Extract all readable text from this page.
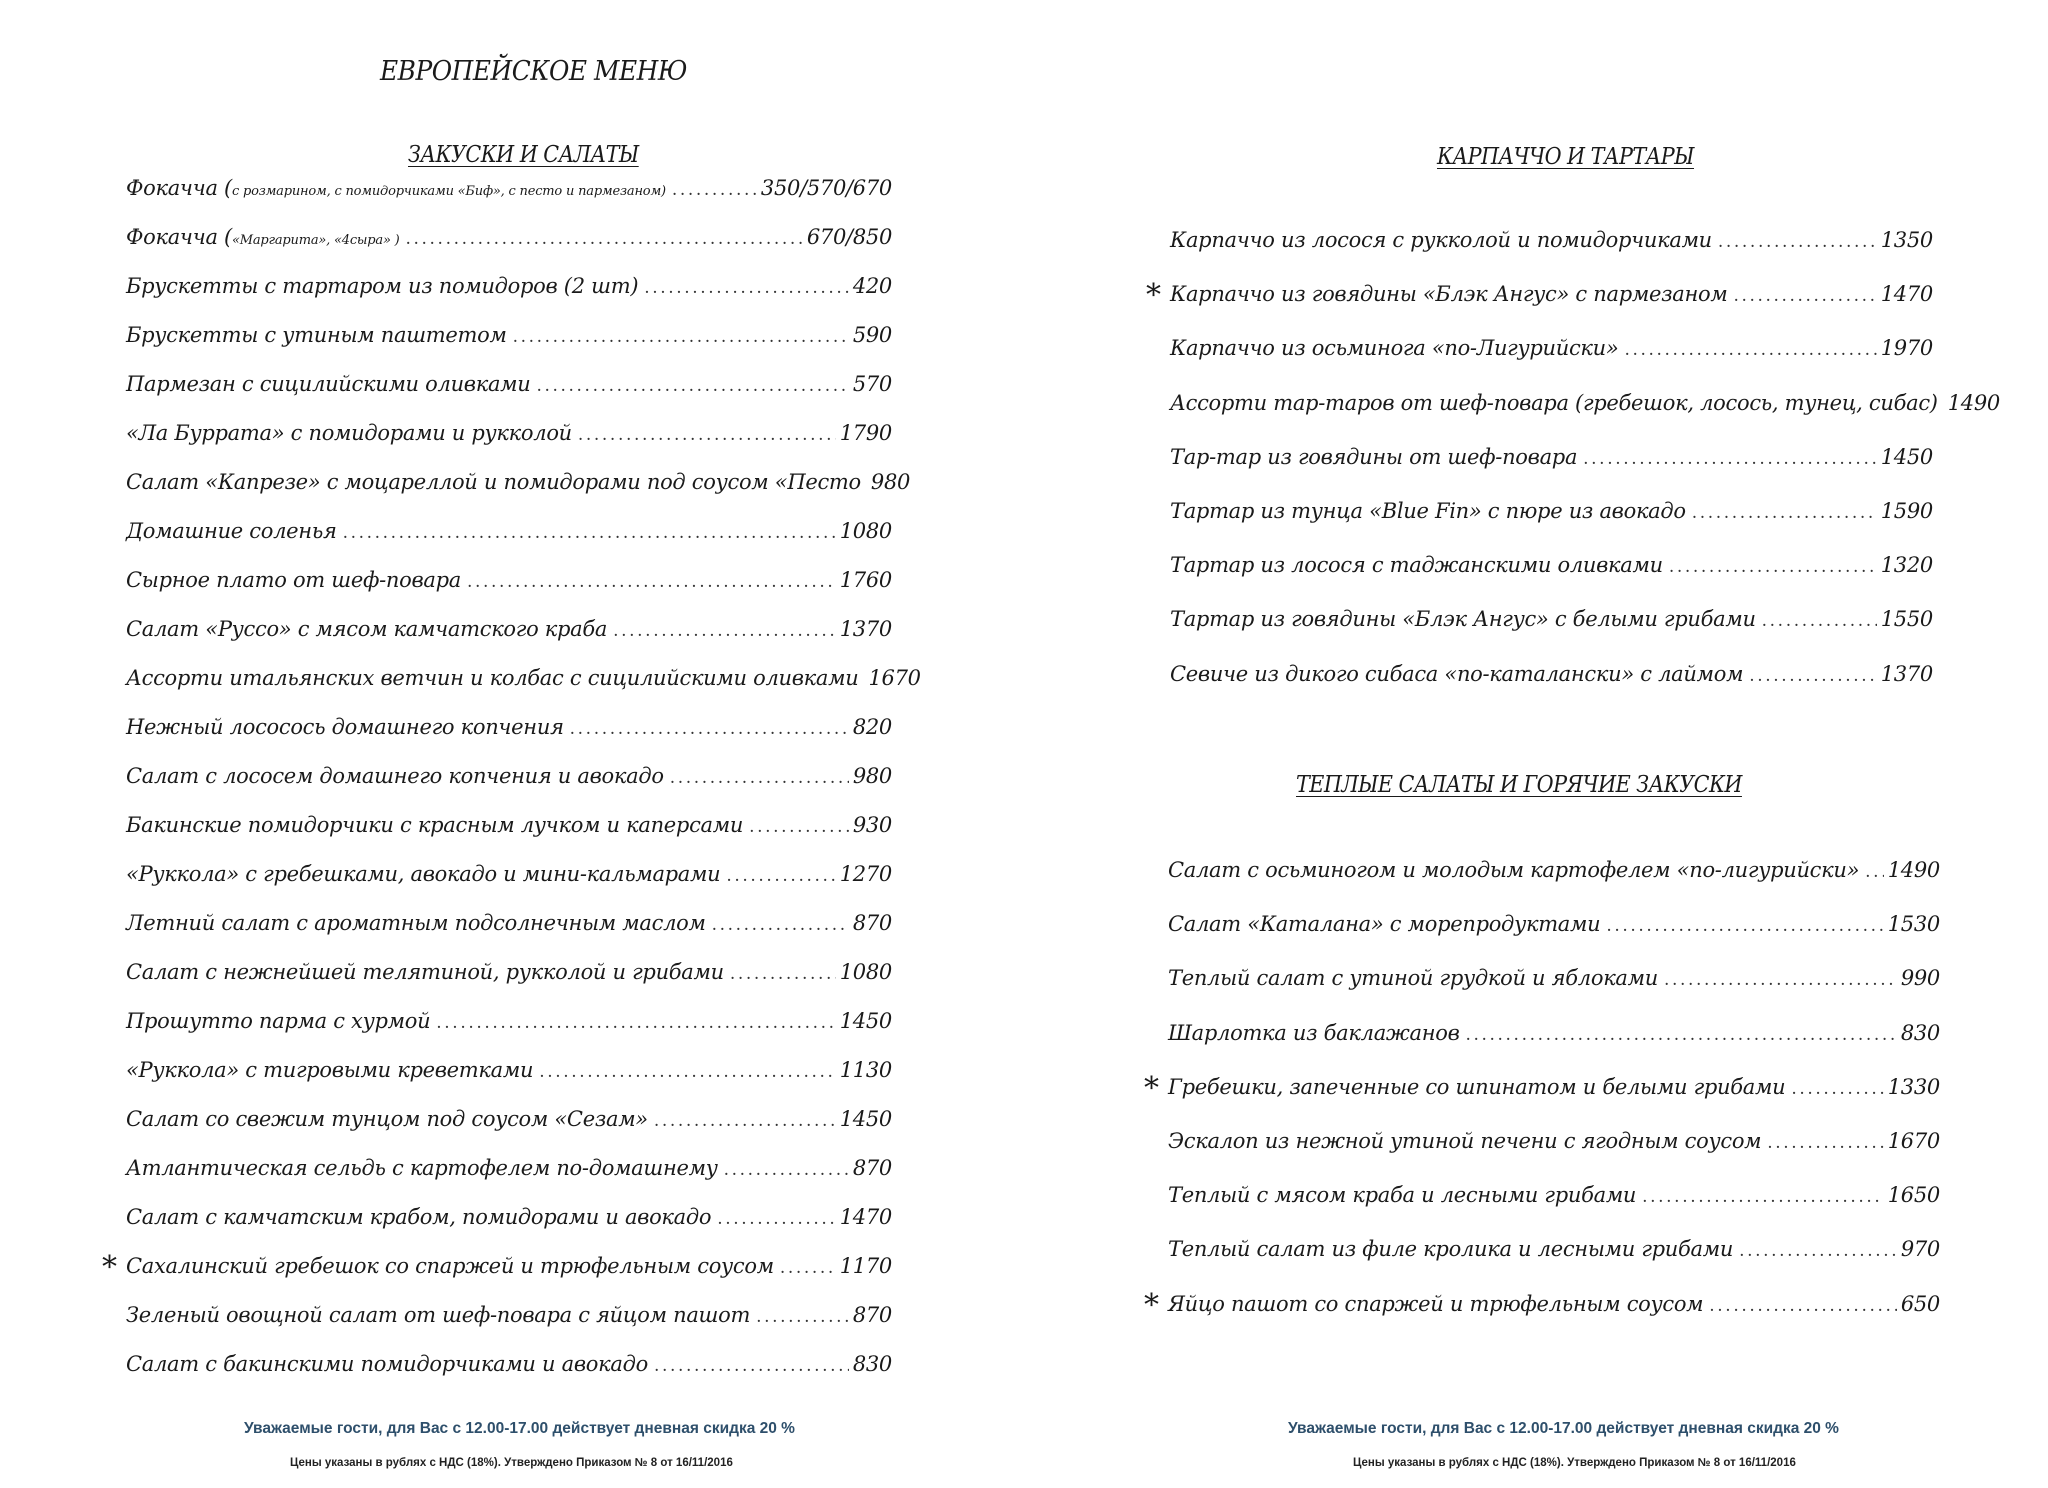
ЕВРОПЕЙСКОЕ МЕНЮ
ЗАКУСКИ И САЛАТЫ
Фокачча (с розмарином, с помидорчиками «Биф», с песто и пармезаном) . . .	350/570/670
Фокачча («Маргарита», «4сыра» ) . . .	670/850
Брускетты с тартаром из помидоров (2 шт) . . .	420
Брускетты с утиным паштетом . . .	590
Пармезан с сицилийскими оливками . . .	570
«Ла Буррата» с помидорами и рукколой . . .	1790
Салат «Капрезе» с моцареллой и помидорами под соусом «Песто 980
Домашние соленья . . .	1080
Сырное плато от шеф-повара . . .	1760
Салат «Руссо» с мясом камчатского краба . . .	1370
Ассорти итальянских ветчин и колбас с сицилийскими оливками 1670
Нежный лососось домашнего копчения . . .	820
Салат с лососем домашнего копчения и авокадо . . .	980
Бакинские помидорчики с красным лучком и каперсами . . .	930
«Руккола» с гребешками, авокадо и мини-кальмарами . . .	1270
Летний салат с ароматным подсолнечным маслом . . .	870
Салат с нежнейшей телятиной, рукколой и грибами . . .	1080
Прошутто парма с хурмой . . .	1450
«Руккола» с тигровыми креветками . . .	1130
Салат со свежим тунцом под соусом «Сезам» . . .	1450
Атлантическая сельдь с картофелем по-домашнему . . .	870
Салат с камчатским крабом, помидорами и авокадо . . .	1470
* Сахалинский гребешок со спаржей и трюфельным соусом . . .	1170
Зеленый овощной салат от шеф-повара с яйцом пашот . . .	870
Салат с бакинскими помидорчиками и авокадо . . .	830
Уважаемые гости, для Вас с 12.00-17.00 действует дневная скидка 20 %
Цены указаны в рублях с НДС (18%). Утверждено Приказом № 8 от 16/11/2016
КАРПАЧЧО И ТАРТАРЫ
ТЕПЛЫЕ САЛАТЫ И ГОРЯЧИЕ ЗАКУСКИ
Уважаемые гости, для Вас с 12.00-17.00 действует дневная скидка 20 %
Цены указаны в рублях с НДС (18%). Утверждено Приказом № 8 от 16/11/2016
Карпаччо из лосося с рукколой и помидорчиками . . .	1350
* Карпаччо из говядины «Блэк Ангус» с пармезаном . . .	1470
Карпаччо из осьминога «по-Лигурийски» . . .	1970
Ассорти тар-таров от шеф-повара (гребешок, лосось, тунец, сибас) 1490
Тар-тар из говядины от шеф-повара . . .	1450
Тартар из тунца «Blue Fin» с пюре из авокадо . . .	1590
Тартар из лосося с таджанскими оливками . . .	1320
Тартар из говядины «Блэк Ангус» с белыми грибами . . .	1550
Севиче из дикого сибаса «по-каталански» с лаймом . . .	1370
Салат с осьминогом и молодым картофелем «по-лигурийски» . . . 1490
Салат «Каталана» с морепродуктами . . .	1530
Теплый салат с утиной грудкой и яблоками . . .	990
Шарлотка из баклажанов . . .	830
* Гребешки, запеченные со шпинатом и белыми грибами . . .	1330
Эскалоп из нежной утиной печени с ягодным соусом . . .	1670
Теплый с мясом краба и лесными грибами . . .	1650
Теплый салат из филе кролика и лесными грибами . . .	970
* Яйцо пашот со спаржей и трюфельным соусом . . .	650
